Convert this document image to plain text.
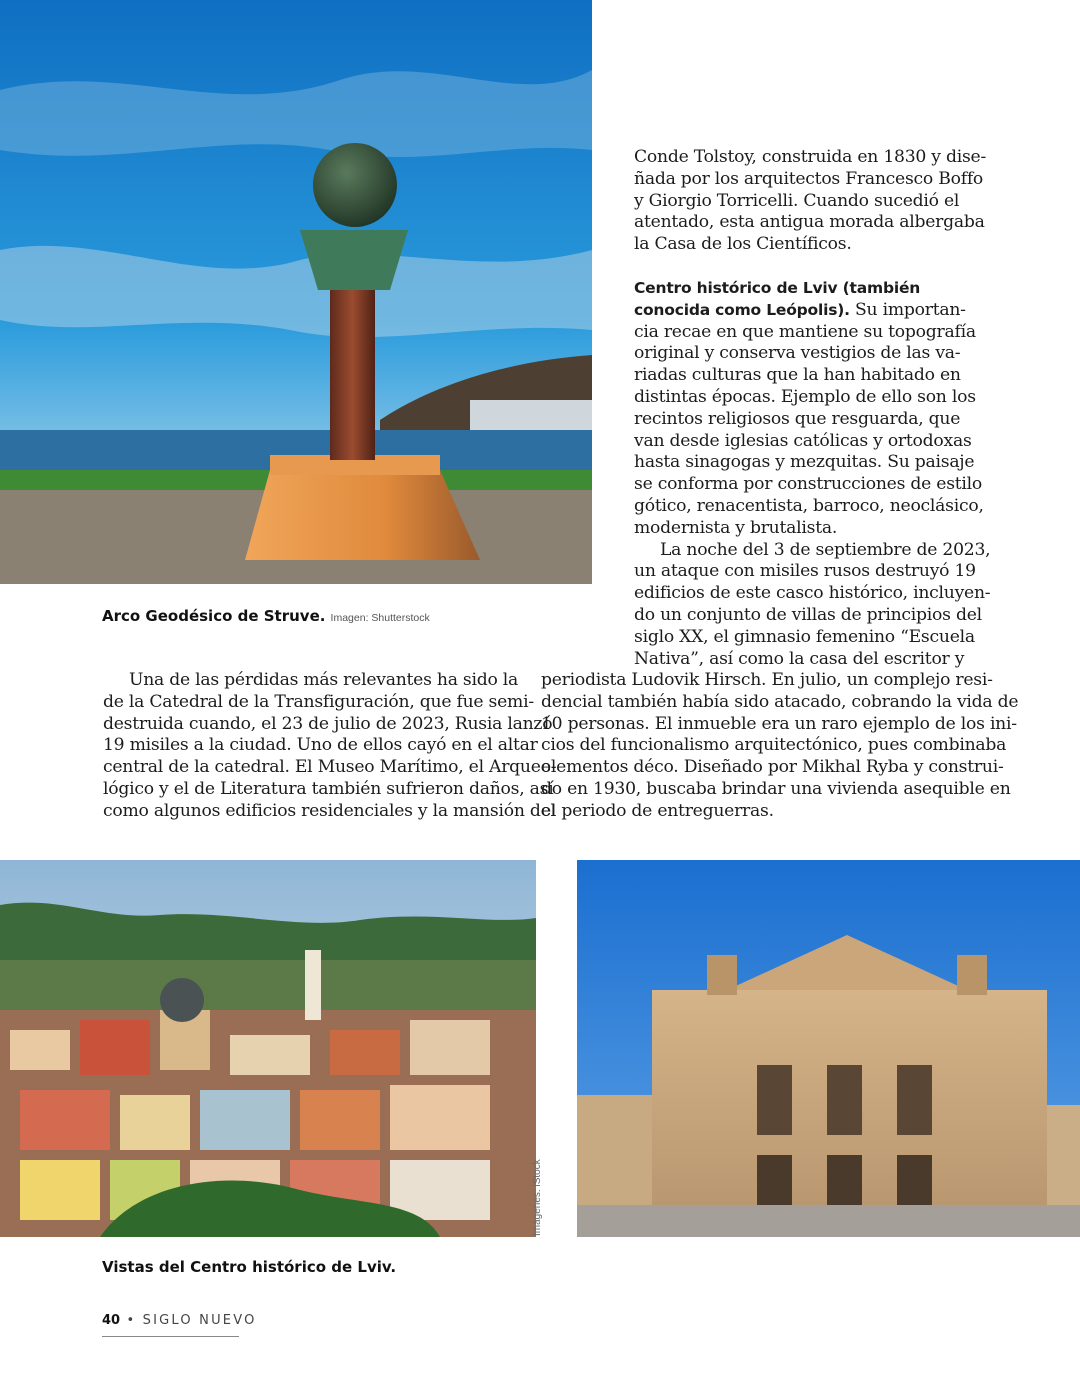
Arco Geodésico de Struve. Imagen: Shutterstock
Conde Tolstoy, construida en 1830 y dise-
ñada por los arquitectos Francesco Boffo
y Giorgio Torricelli. Cuando sucedió el
atentado, esta antigua morada albergaba
la Casa de los Científicos.
Centro histórico de Lviv (también
conocida como Leópolis). Su importan-
cia recae en que mantiene su topografía
original y conserva vestigios de las va-
riadas culturas que la han habitado en
distintas épocas. Ejemplo de ello son los
recintos religiosos que resguarda, que
van desde iglesias católicas y ortodoxas
hasta sinagogas y mezquitas. Su paisaje
se conforma por construcciones de estilo
gótico, renacentista, barroco, neoclásico,
modernista y brutalista.
La noche del 3 de septiembre de 2023,
un ataque con misiles rusos destruyó 19
edificios de este casco histórico, incluyen-
do un conjunto de villas de principios del
siglo XX, el gimnasio femenino “Escuela
Nativa”, así como la casa del escritor y
periodista Ludovik Hirsch. En julio, un complejo resi-
dencial también había sido atacado, cobrando la vida de
10 personas. El inmueble era un raro ejemplo de los ini-
cios del funcionalismo arquitectónico, pues combinaba
elementos déco. Diseñado por Mikhal Ryba y construi-
do en 1930, buscaba brindar una vivienda asequible en
el periodo de entreguerras.
Una de las pérdidas más relevantes ha sido la
de la Catedral de la Transfiguración, que fue semi-
destruida cuando, el 23 de julio de 2023, Rusia lanzó
19 misiles a la ciudad. Uno de ellos cayó en el altar
central de la catedral. El Museo Marítimo, el Arqueo-
lógico y el de Literatura también sufrieron daños, así
como algunos edificios residenciales y la mansión del
Imágenes: iStock
Vistas del Centro histórico de Lviv.
40 • SIGLO NUEVO
